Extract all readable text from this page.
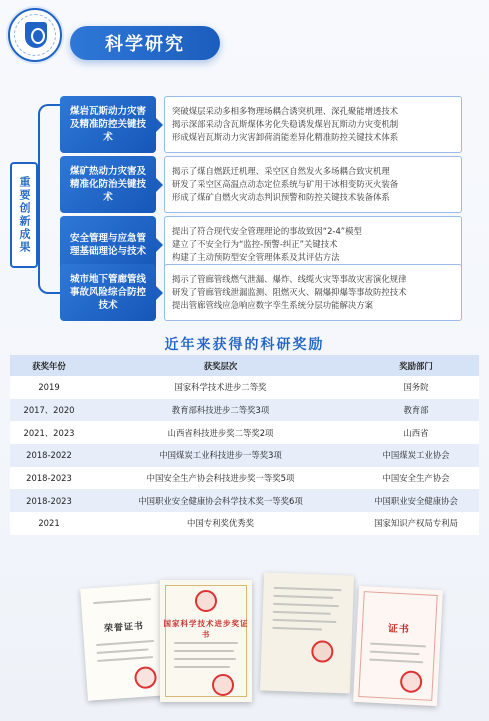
科学研究
重要创新成果
煤岩瓦斯动力灾害及精准防控关键技术
突破煤层采动多相多物理场耦合诱突机理、深孔聚能增透技术
揭示深部采动含瓦斯煤体劣化失稳诱发煤岩瓦斯动力灾变机制
形成煤岩瓦斯动力灾害卸荷消能差异化精准防控关键技术体系
煤矿热动力灾害及精准化防治关键技术
揭示了煤自燃跃迁机理、采空区自然发火多场耦合致灾机理
研发了采空区高温点动态定位系统与矿用干冰相变防灭火装备
形成了煤矿自燃火灾动态判识预警和防控关键技术装备体系
安全管理与应急管理基础理论与技术
提出了符合现代安全管理理论的事故致因“2-4”模型
建立了不安全行为“监控-预警-纠正”关键技术
构建了主动预防型安全管理体系及其评估方法
城市地下管廊管线事故风险综合防控技术
揭示了管廊管线燃气泄漏、爆炸、线缆火灾等事故灾害演化规律
研发了管廊管线泄漏监测、阻燃灭火、隔爆抑爆等事故防控技术
提出管廊管线应急响应数字孪生系统分层功能解决方案
近年来获得的科研奖励
获奖年份	获奖层次	奖励部门
2019	国家科学技术进步二等奖	国务院
2017、2020	教育部科技进步二等奖3项	教育部
2021、2023	山西省科技进步奖二等奖2项	山西省
2018-2022	中国煤炭工业科技进步一等奖3项	中国煤炭工业协会
2018-2023	中国安全生产协会科技进步奖一等奖5项	中国安全生产协会
2018-2023	中国职业安全健康协会科学技术奖一等奖6项	中国职业安全健康协会
2021	中国专利奖优秀奖	国家知识产权局专利局
荣誉证书	国家科学技术进步奖证书	证书
